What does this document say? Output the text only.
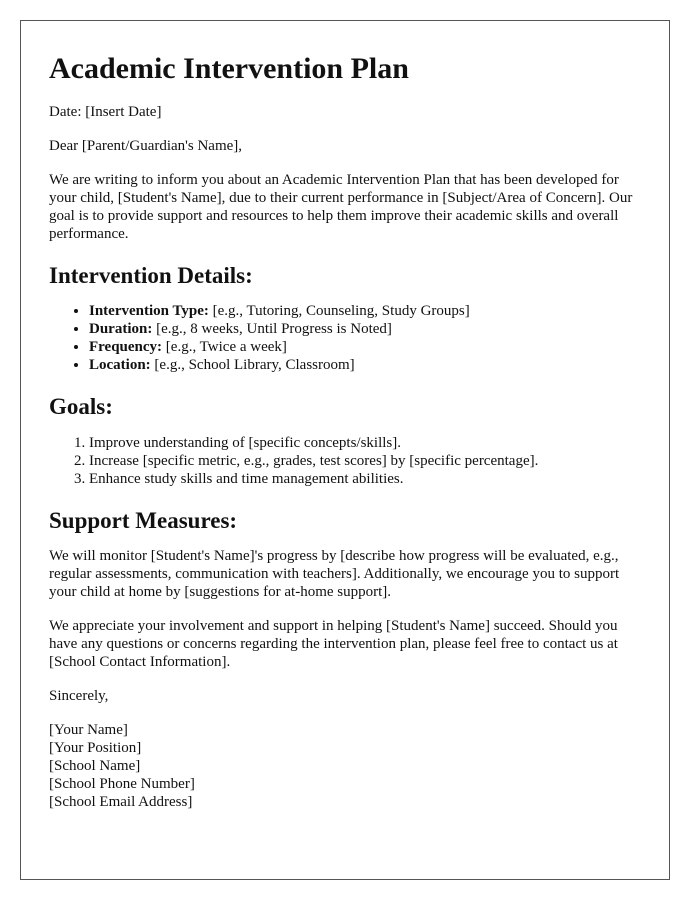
Academic Intervention Plan

Date: [Insert Date]

Dear [Parent/Guardian's Name],

We are writing to inform you about an Academic Intervention Plan that has been developed for your child, [Student's Name], due to their current performance in [Subject/Area of Concern]. Our goal is to provide support and resources to help them improve their academic skills and overall performance.

Intervention Details:
• Intervention Type: [e.g., Tutoring, Counseling, Study Groups]
• Duration: [e.g., 8 weeks, Until Progress is Noted]
• Frequency: [e.g., Twice a week]
• Location: [e.g., School Library, Classroom]
Goals:
1. Improve understanding of [specific concepts/skills].
2. Increase [specific metric, e.g., grades, test scores] by [specific percentage].
3. Enhance study skills and time management abilities.
Support Measures:

We will monitor [Student's Name]'s progress by [describe how progress will be evaluated, e.g., regular assessments, communication with teachers]. Additionally, we encourage you to support your child at home by [suggestions for at-home support].

We appreciate your involvement and support in helping [Student's Name] succeed. Should you have any questions or concerns regarding the intervention plan, please feel free to contact us at [School Contact Information].

Sincerely,

[Your Name]

[Your Position]

[School Name]

[School Phone Number]

[School Email Address]
